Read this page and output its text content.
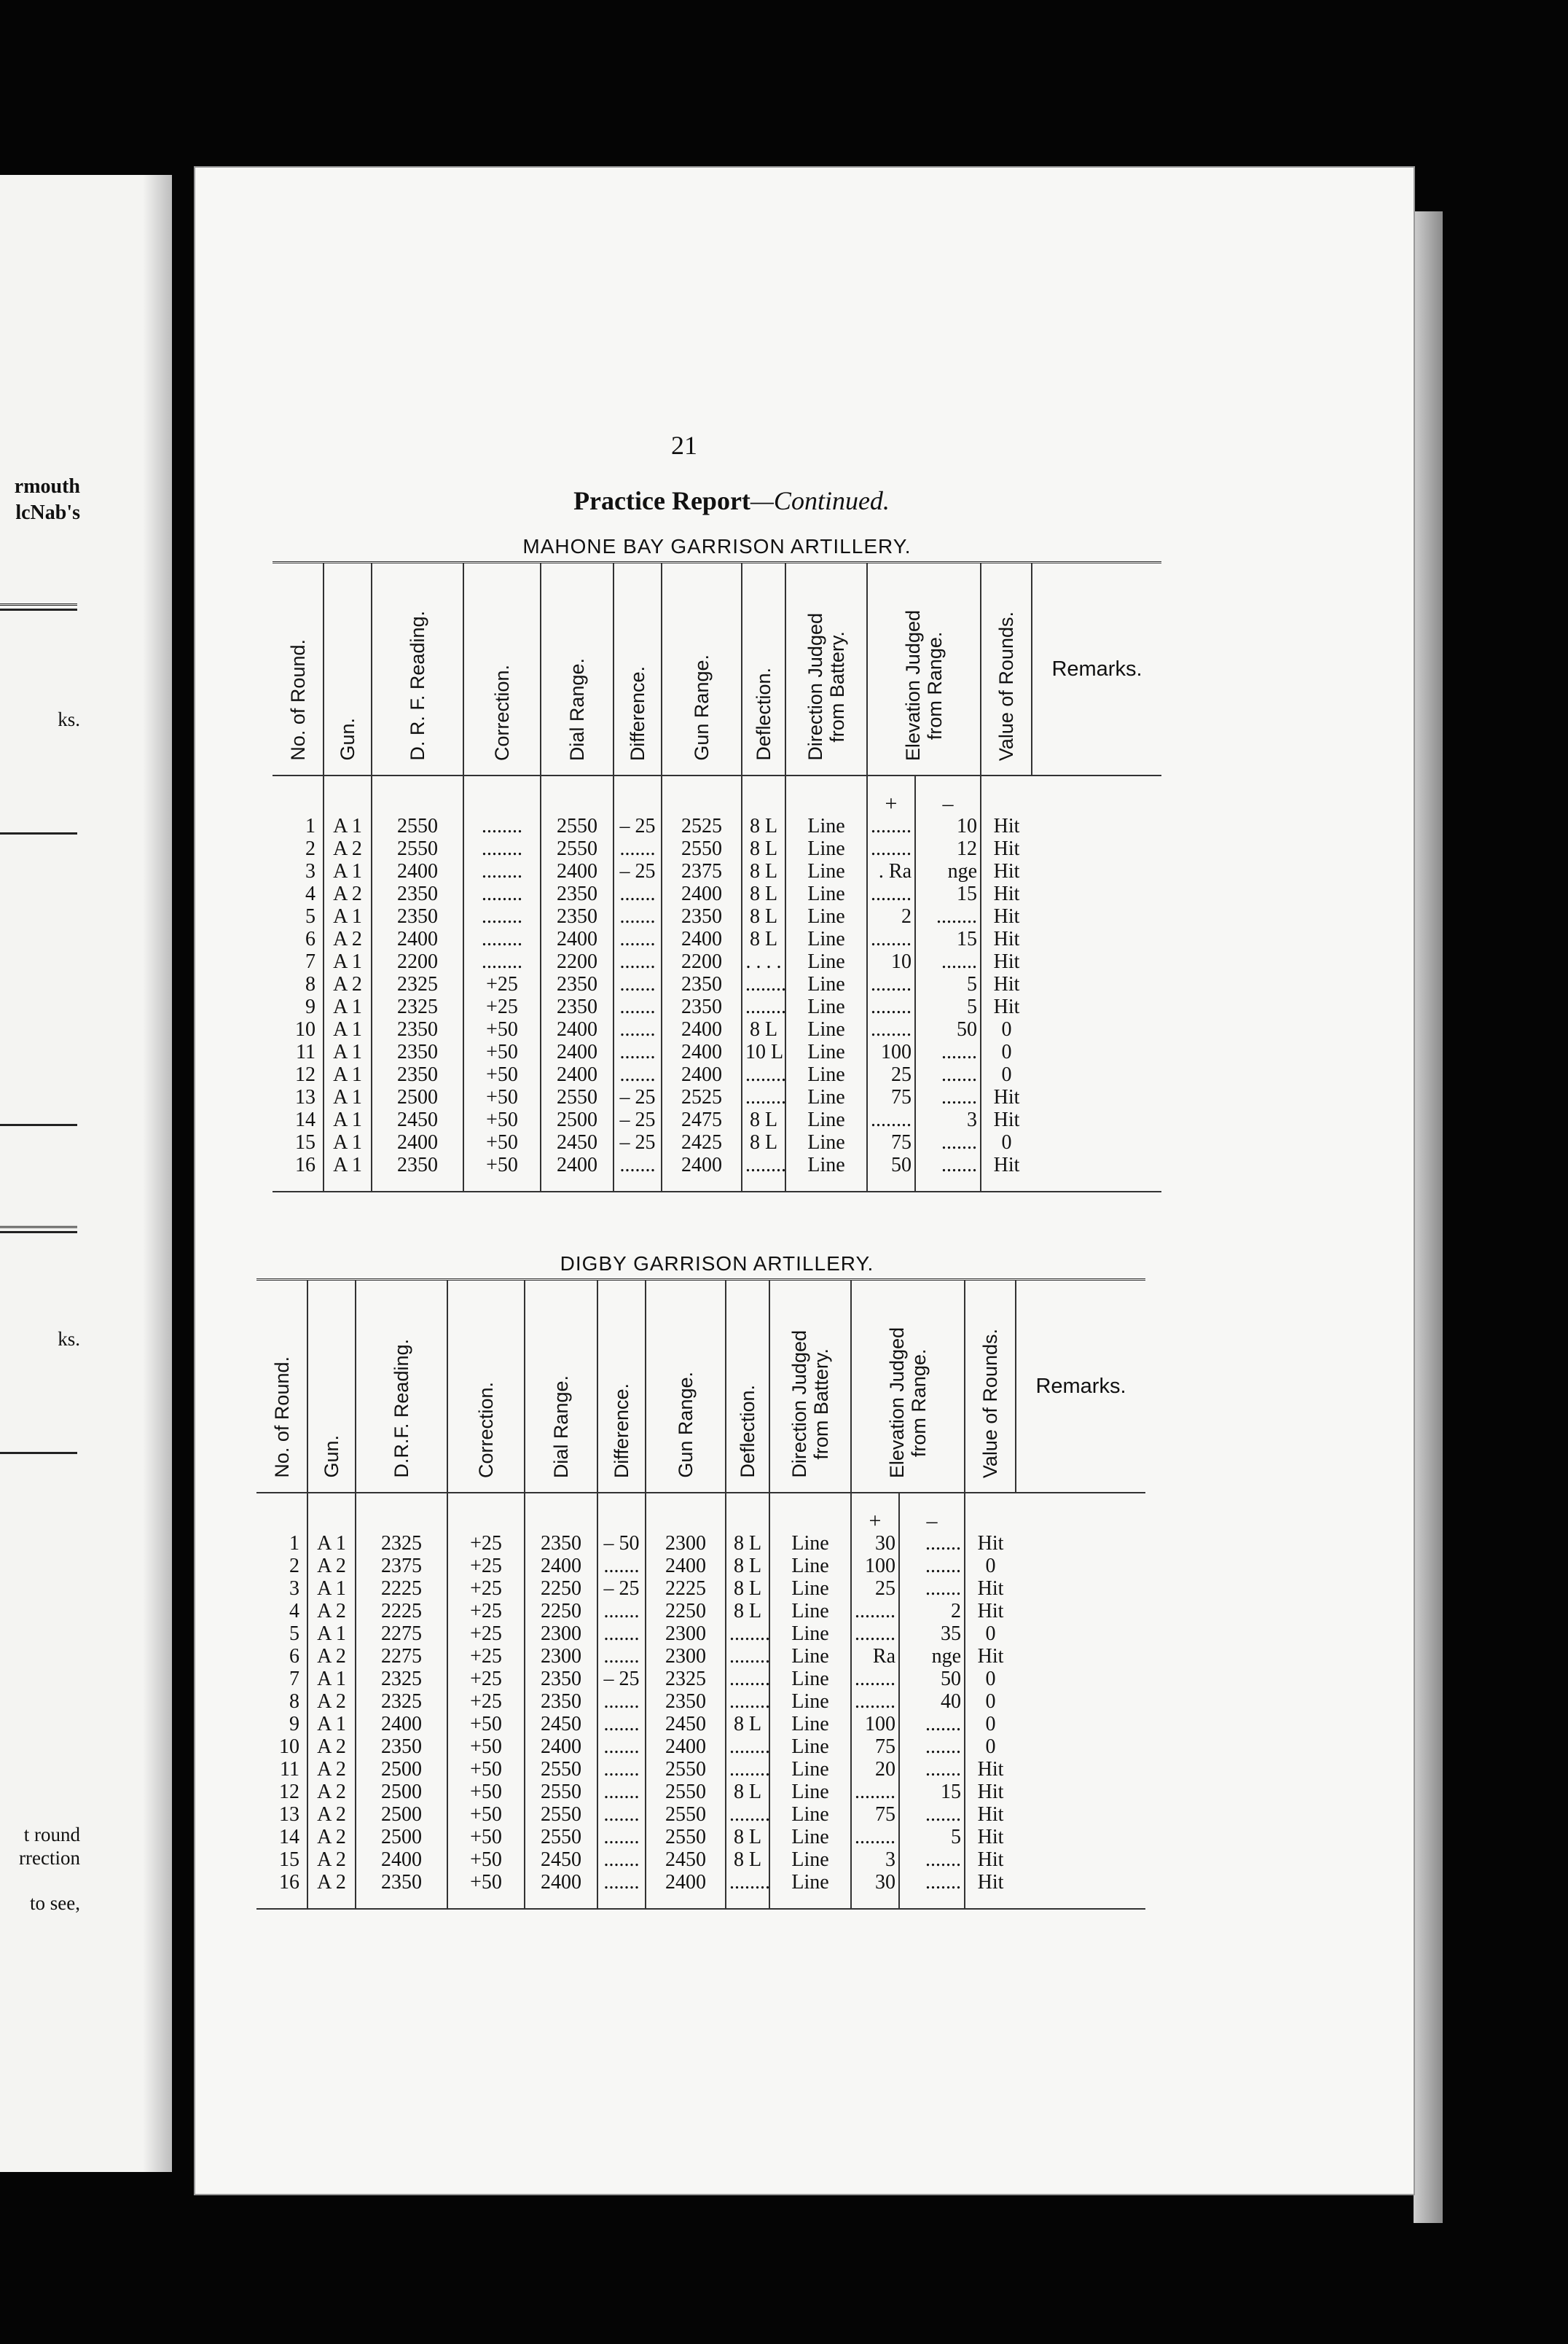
rmouth
lcNab's
ks.
ks.
t round
rrection
to see,
21
Practice Report—Continued.
MAHONE BAY GARRISON ARTILLERY.
No. of Round.	Gun.	D. R. F. Reading.	Correction.	Dial Range.	Difference.	Gun Range.	Deflection.	Direction Judged
from Battery.	Elevation Judged
from Range.		Value of Rounds.	Remarks.
									+	–		
1	A 1	2550	........	2550	– 25	2525	8 L	Line	........	10	Hit	
2	A 2	2550	........	2550	.......	2550	8 L	Line	........	12	Hit	
3	A 1	2400	........	2400	– 25	2375	8 L	Line	. Ra	nge	Hit	
4	A 2	2350	........	2350	.......	2400	8 L	Line	........	15	Hit	
5	A 1	2350	........	2350	.......	2350	8 L	Line	2	........	Hit	
6	A 2	2400	........	2400	.......	2400	8 L	Line	........	15	Hit	
7	A 1	2200	........	2200	.......	2200	. . . .	Line	10	.......	Hit	
8	A 2	2325	+25	2350	.......	2350	........	Line	........	5	Hit	
9	A 1	2325	+25	2350	.......	2350	........	Line	........	5	Hit	
10	A 1	2350	+50	2400	.......	2400	8 L	Line	........	50	0	
11	A 1	2350	+50	2400	.......	2400	10 L	Line	100	.......	0	
12	A 1	2350	+50	2400	.......	2400	........	Line	25	.......	0	
13	A 1	2500	+50	2550	– 25	2525	........	Line	75	.......	Hit	
14	A 1	2450	+50	2500	– 25	2475	8 L	Line	........	3	Hit	
15	A 1	2400	+50	2450	– 25	2425	8 L	Line	75	.......	0	
16	A 1	2350	+50	2400	.......	2400	........	Line	50	.......	Hit	
DIGBY GARRISON ARTILLERY.
No. of Round.	Gun.	D.R.F. Reading.	Correction.	Dial Range.	Difference.	Gun Range.	Deflection.	Direction Judged
from Battery.	Elevation Judged
from Range.		Value of Rounds.	Remarks.
									+	–		
1	A 1	2325	+25	2350	– 50	2300	8 L	Line	30	.......	Hit	
2	A 2	2375	+25	2400	.......	2400	8 L	Line	100	.......	0	
3	A 1	2225	+25	2250	– 25	2225	8 L	Line	25	.......	Hit	
4	A 2	2225	+25	2250	.......	2250	8 L	Line	........	2	Hit	
5	A 1	2275	+25	2300	.......	2300	........	Line	........	35	0	
6	A 2	2275	+25	2300	.......	2300	........	Line	Ra	nge	Hit	
7	A 1	2325	+25	2350	– 25	2325	........	Line	........	50	0	
8	A 2	2325	+25	2350	.......	2350	........	Line	........	40	0	
9	A 1	2400	+50	2450	.......	2450	8 L	Line	100	.......	0	
10	A 2	2350	+50	2400	.......	2400	........	Line	75	.......	0	
11	A 2	2500	+50	2550	.......	2550	........	Line	20	.......	Hit	
12	A 2	2500	+50	2550	.......	2550	8 L	Line	........	15	Hit	
13	A 2	2500	+50	2550	.......	2550	........	Line	75	.......	Hit	
14	A 2	2500	+50	2550	.......	2550	8 L	Line	........	5	Hit	
15	A 2	2400	+50	2450	.......	2450	8 L	Line	3	.......	Hit	
16	A 2	2350	+50	2400	.......	2400	........	Line	30	.......	Hit	
